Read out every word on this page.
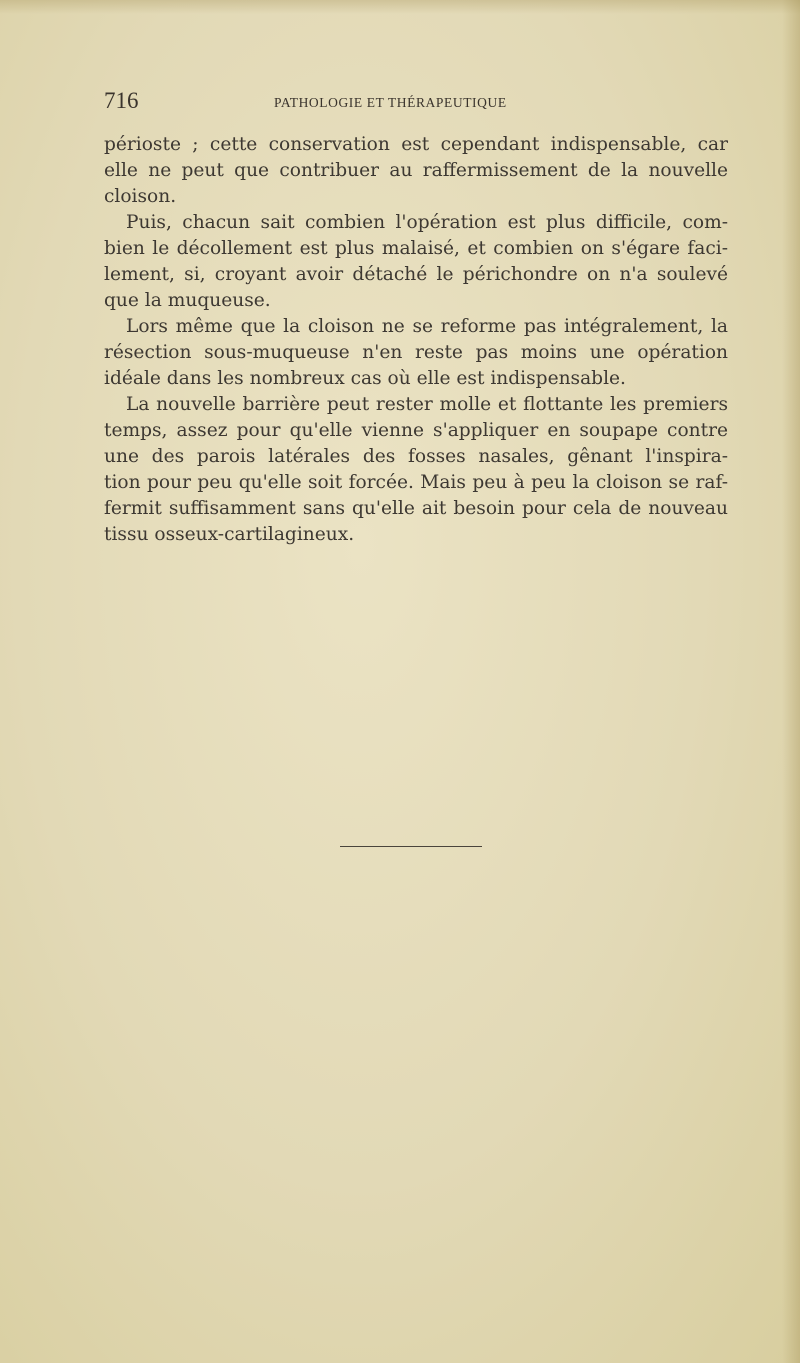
716	PATHOLOGIE ET THÉRAPEUTIQUE
périoste ; cette conservation est cependant indispensable, car
elle ne peut que contribuer au raffermissement de la nouvelle
cloison.
Puis, chacun sait combien l'opération est plus difficile, com-
bien le décollement est plus malaisé, et combien on s'égare faci-
lement, si, croyant avoir détaché le périchondre on n'a soulevé
que la muqueuse.
Lors même que la cloison ne se reforme pas intégralement, la
résection sous-muqueuse n'en reste pas moins une opération
idéale dans les nombreux cas où elle est indispensable.
La nouvelle barrière peut rester molle et flottante les premiers
temps, assez pour qu'elle vienne s'appliquer en soupape contre
une des parois latérales des fosses nasales, gênant l'inspira-
tion pour peu qu'elle soit forcée. Mais peu à peu la cloison se raf-
fermit suffisamment sans qu'elle ait besoin pour cela de nouveau
tissu osseux-cartilagineux.
